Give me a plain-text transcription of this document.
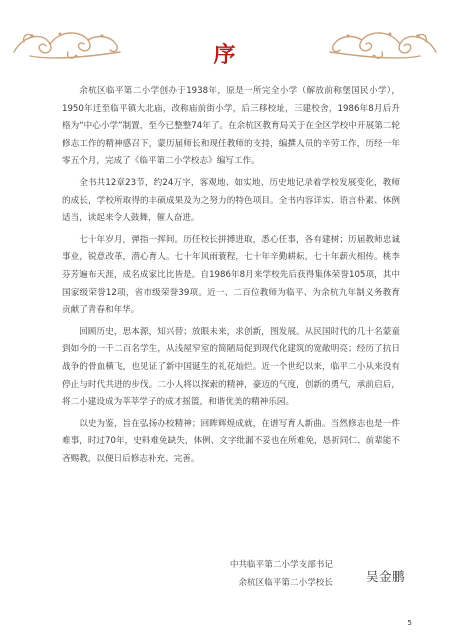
序

余杭区临平第二小学创办于1938年，原是一所完全小学（解放前称堡国民小学），1950年迁至临平镇大北庙，改称庙前街小学，后三移校址，三建校舍，1986年8月后升格为“中心小学”制置，至今已整整74年了。在余杭区教育局关于在全区学校中开展第二轮修志工作的精神感召下，蒙历届师长和现任教师的支持，编撰人员的辛劳工作，历经一年零五个月，完成了《临平第二小学校志》编写工作。

全书共12章23节，约24万字，客观地、如实地、历史地记录着学校发展变化，教师的成长，学校所取得的丰硕成果及为之努力的特色项目。全书内容详实、语言朴素、体例适当，读起来令人鼓舞，催人奋进。

七十年岁月，弹指一挥间。历任校长拼搏进取，悉心任事，各有建树；历届教师忠诚事业，锐意改革，潜心育人。七十年风雨蓑程，七十年辛勤耕耘，七十年薪火相传。桃李芬芳遍布天涯，成名成家比比皆是。自1986年8月来学校先后获得集体荣誉105项，其中国家级荣誉12项，省市级荣誉39项。近一、二百位教师为临平、为余杭九年制义务教育贡献了青春和年华。

回顾历史，思本源，知兴替；放眼未来，求创新，图发展。从民国时代的几十名蒙童到如今的一千二百名学生，从浅屋窄室的简陋局促到现代化建筑的宽敞明亮；经历了抗日战争的骨血横飞，也见证了新中国诞生的礼花灿烂。近一个世纪以来，临平二小从来没有停止与时代共进的步伐。二小人将以探索的精神，豪迈的气度，创新的勇气，承前启后，将二小建设成为莘莘学子的成才摇篮，和谐优美的精神乐园。

以史为鉴，旨在弘扬办校精神；回眸辉煌成就，在谱写育人新曲。当然修志也是一件难事，时过70年，史料难免缺失，体例、文字纰漏不妥也在所难免，恳祈同仁、前辈能不吝赐教，以便日后修志补充、完善。

中共临平第二小学支部书记
余杭区临平第二小学校长	吴金鹏
5
